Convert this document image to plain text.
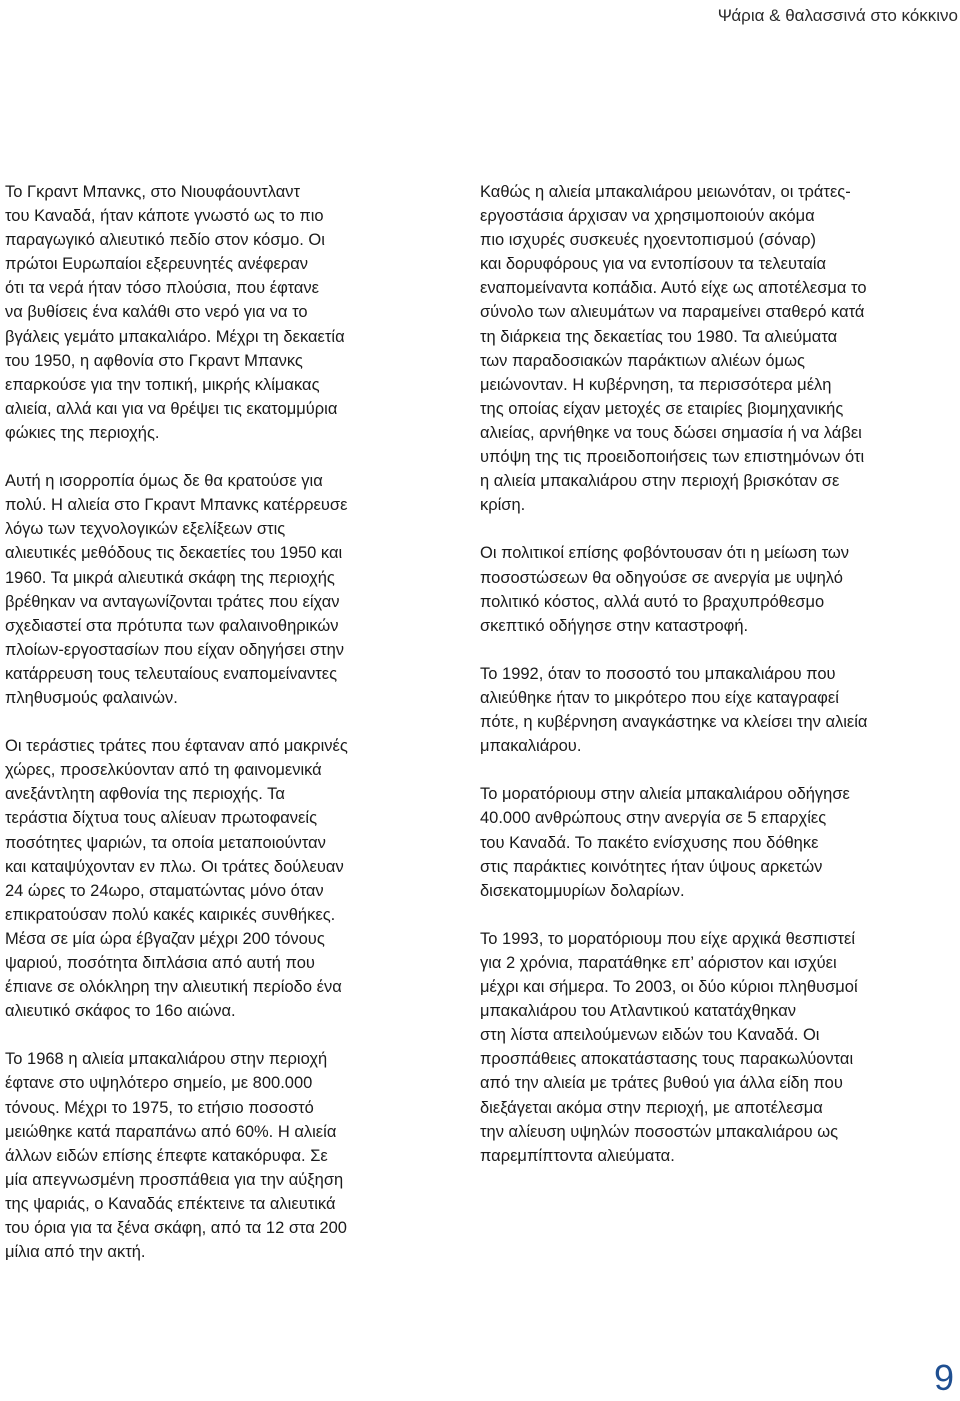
Ψάρια & θαλασσινά στο κόκκινο

Το Γκραντ Μπανκς, στο Νιουφάουντλαντ
του Καναδά, ήταν κάποτε γνωστό ως το πιο
παραγωγικό αλιευτικό πεδίο στον κόσμο. Οι
πρώτοι Ευρωπαίοι εξερευνητές ανέφεραν
ότι τα νερά ήταν τόσο πλούσια, που έφτανε
να βυθίσεις ένα καλάθι στο νερό για να το
βγάλεις γεμάτο μπακαλιάρο. Μέχρι τη δεκαετία
του 1950, η αφθονία στο Γκραντ Μπανκς
επαρκούσε για την τοπική, μικρής κλίμακας
αλιεία, αλλά και για να θρέψει τις εκατομμύρια
φώκιες της περιοχής.

Αυτή η ισορροπία όμως δε θα κρατούσε για
πολύ. Η αλιεία στο Γκραντ Μπανκς κατέρρευσε
λόγω των τεχνολογικών εξελίξεων στις
αλιευτικές μεθόδους τις δεκαετίες του 1950 και
1960. Τα μικρά αλιευτικά σκάφη της περιοχής
βρέθηκαν να ανταγωνίζονται τράτες που είχαν
σχεδιαστεί στα πρότυπα των φαλαινοθηρικών
πλοίων-εργοστασίων που είχαν οδηγήσει στην
κατάρρευση τους τελευταίους εναπομείναντες
πληθυσμούς φαλαινών.

Οι τεράστιες τράτες που έφταναν από μακρινές
χώρες, προσελκύονταν από τη φαινομενικά
ανεξάντλητη αφθονία της περιοχής. Τα
τεράστια δίχτυα τους αλίευαν πρωτοφανείς
ποσότητες ψαριών, τα οποία μεταποιούνταν
και καταψύχονταν εν πλω. Οι τράτες δούλευαν
24 ώρες το 24ωρο, σταματώντας μόνο όταν
επικρατούσαν πολύ κακές καιρικές συνθήκες.
Μέσα σε μία ώρα έβγαζαν μέχρι 200 τόνους
ψαριού, ποσότητα διπλάσια από αυτή που
έπιανε σε ολόκληρη την αλιευτική περίοδο ένα
αλιευτικό σκάφος το 16ο αιώνα.

Το 1968 η αλιεία μπακαλιάρου στην περιοχή
έφτανε στο υψηλότερο σημείο, με 800.000
τόνους. Μέχρι το 1975, το ετήσιο ποσοστό
μειώθηκε κατά παραπάνω από 60%. Η αλιεία
άλλων ειδών επίσης έπεφτε κατακόρυφα. Σε
μία απεγνωσμένη προσπάθεια για την αύξηση
της ψαριάς, ο Καναδάς επέκτεινε τα αλιευτικά
του όρια για τα ξένα σκάφη, από τα 12 στα 200
μίλια από την ακτή.

Καθώς η αλιεία μπακαλιάρου μειωνόταν, οι τράτες-
εργοστάσια άρχισαν να χρησιμοποιούν ακόμα
πιο ισχυρές συσκευές ηχοεντοπισμού (σόναρ)
και δορυφόρους για να εντοπίσουν τα τελευταία
εναπομείναντα κοπάδια. Αυτό είχε ως αποτέλεσμα το
σύνολο των αλιευμάτων να παραμείνει σταθερό κατά
τη διάρκεια της δεκαετίας του 1980. Τα αλιεύματα
των παραδοσιακών παράκτιων αλιέων όμως
μειώνονταν. Η κυβέρνηση, τα περισσότερα μέλη
της οποίας είχαν μετοχές σε εταιρίες βιομηχανικής
αλιείας, αρνήθηκε να τους δώσει σημασία ή να λάβει
υπόψη της τις προειδοποιήσεις των επιστημόνων ότι
η αλιεία μπακαλιάρου στην περιοχή βρισκόταν σε
κρίση.

Οι πολιτικοί επίσης φοβόντουσαν ότι η μείωση των
ποσοστώσεων θα οδηγούσε σε ανεργία με υψηλό
πολιτικό κόστος, αλλά αυτό το βραχυπρόθεσμο
σκεπτικό οδήγησε στην καταστροφή.

Το 1992, όταν το ποσοστό του μπακαλιάρου που
αλιεύθηκε ήταν το μικρότερο που είχε καταγραφεί
πότε, η κυβέρνηση αναγκάστηκε να κλείσει την αλιεία
μπακαλιάρου.

Το μορατόριουμ στην αλιεία μπακαλιάρου οδήγησε
40.000 ανθρώπους στην ανεργία σε 5 επαρχίες
του Καναδά. Το πακέτο ενίσχυσης που δόθηκε
στις παράκτιες κοινότητες ήταν ύψους αρκετών
δισεκατομμυρίων δολαρίων.

Το 1993, το μορατόριουμ που είχε αρχικά θεσπιστεί
για 2 χρόνια, παρατάθηκε επ’ αόριστον και ισχύει
μέχρι και σήμερα. Το 2003, οι δύο κύριοι πληθυσμοί
μπακαλιάρου του Ατλαντικού κατατάχθηκαν
στη λίστα απειλούμενων ειδών του Καναδά. Οι
προσπάθειες αποκατάστασης τους παρακωλύονται
από την αλιεία με τράτες βυθού για άλλα είδη που
διεξάγεται ακόμα στην περιοχή, με αποτέλεσμα
την αλίευση υψηλών ποσοστών μπακαλιάρου ως
παρεμπίπτοντα αλιεύματα.

9
